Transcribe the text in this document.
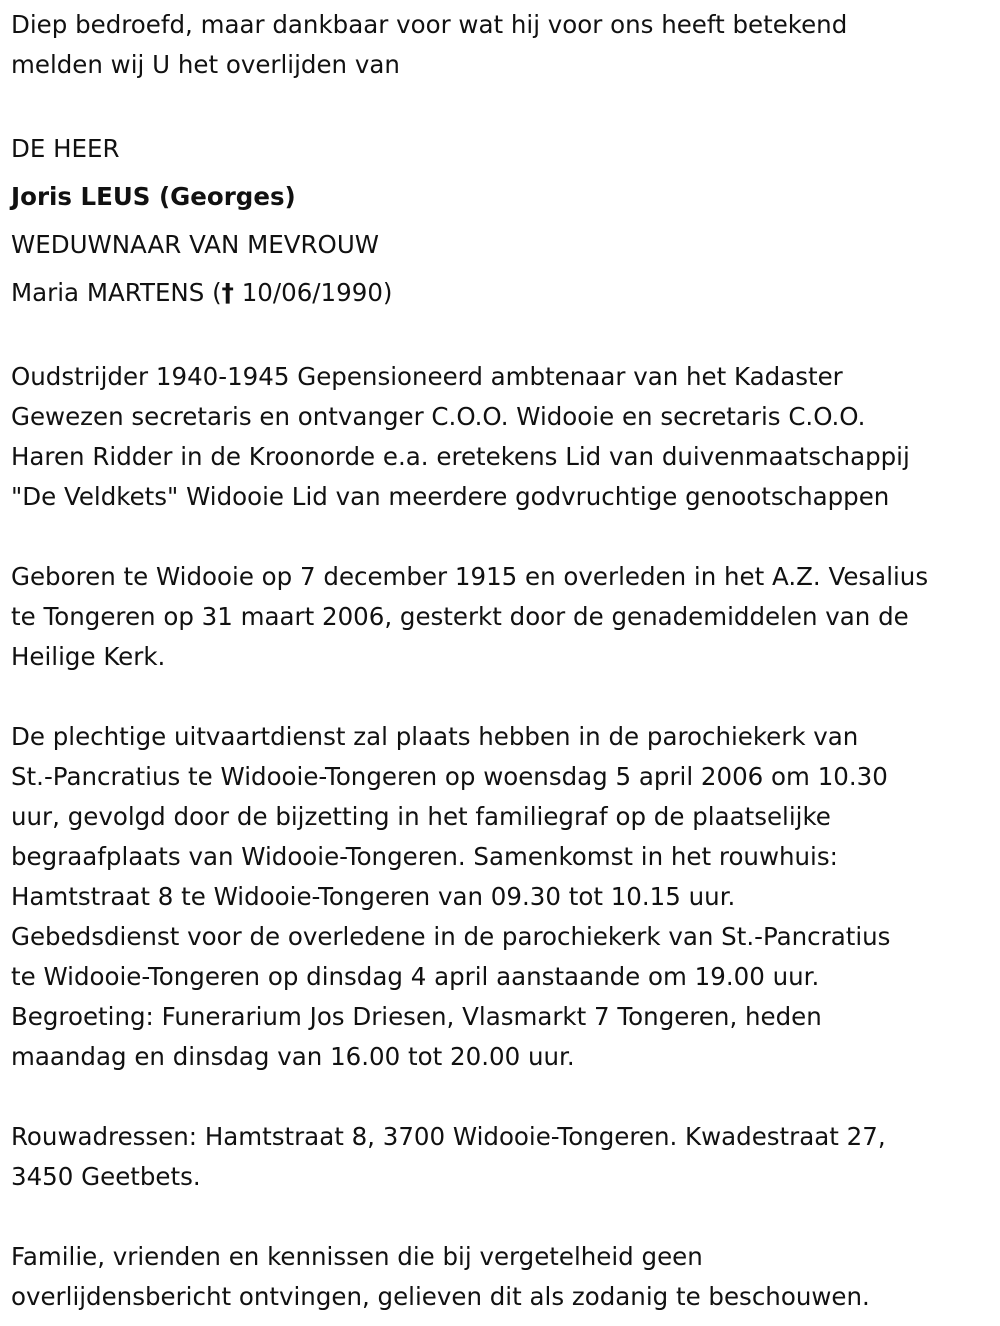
Diep bedroefd, maar dankbaar voor wat hij voor ons heeft betekend
melden wij U het overlijden van

DE HEER

Joris LEUS (Georges)

WEDUWNAAR VAN MEVROUW

Maria MARTENS († 10/06/1990)

Oudstrijder 1940-1945 Gepensioneerd ambtenaar van het Kadaster
Gewezen secretaris en ontvanger C.O.O. Widooie en secretaris C.O.O.
Haren Ridder in de Kroonorde e.a. eretekens Lid van duivenmaatschappij
"De Veldkets" Widooie Lid van meerdere godvruchtige genootschappen

Geboren te Widooie op 7 december 1915 en overleden in het A.Z. Vesalius
te Tongeren op 31 maart 2006, gesterkt door de genademiddelen van de
Heilige Kerk.

De plechtige uitvaartdienst zal plaats hebben in de parochiekerk van
St.-Pancratius te Widooie-Tongeren op woensdag 5 april 2006 om 10.30
uur, gevolgd door de bijzetting in het familiegraf op de plaatselijke
begraafplaats van Widooie-Tongeren. Samenkomst in het rouwhuis:
Hamtstraat 8 te Widooie-Tongeren van 09.30 tot 10.15 uur.
Gebedsdienst voor de overledene in de parochiekerk van St.-Pancratius
te Widooie-Tongeren op dinsdag 4 april aanstaande om 19.00 uur.
Begroeting: Funerarium Jos Driesen, Vlasmarkt 7 Tongeren, heden
maandag en dinsdag van 16.00 tot 20.00 uur.

Rouwadressen: Hamtstraat 8, 3700 Widooie-Tongeren. Kwadestraat 27,
3450 Geetbets.

Familie, vrienden en kennissen die bij vergetelheid geen
overlijdensbericht ontvingen, gelieven dit als zodanig te beschouwen.
